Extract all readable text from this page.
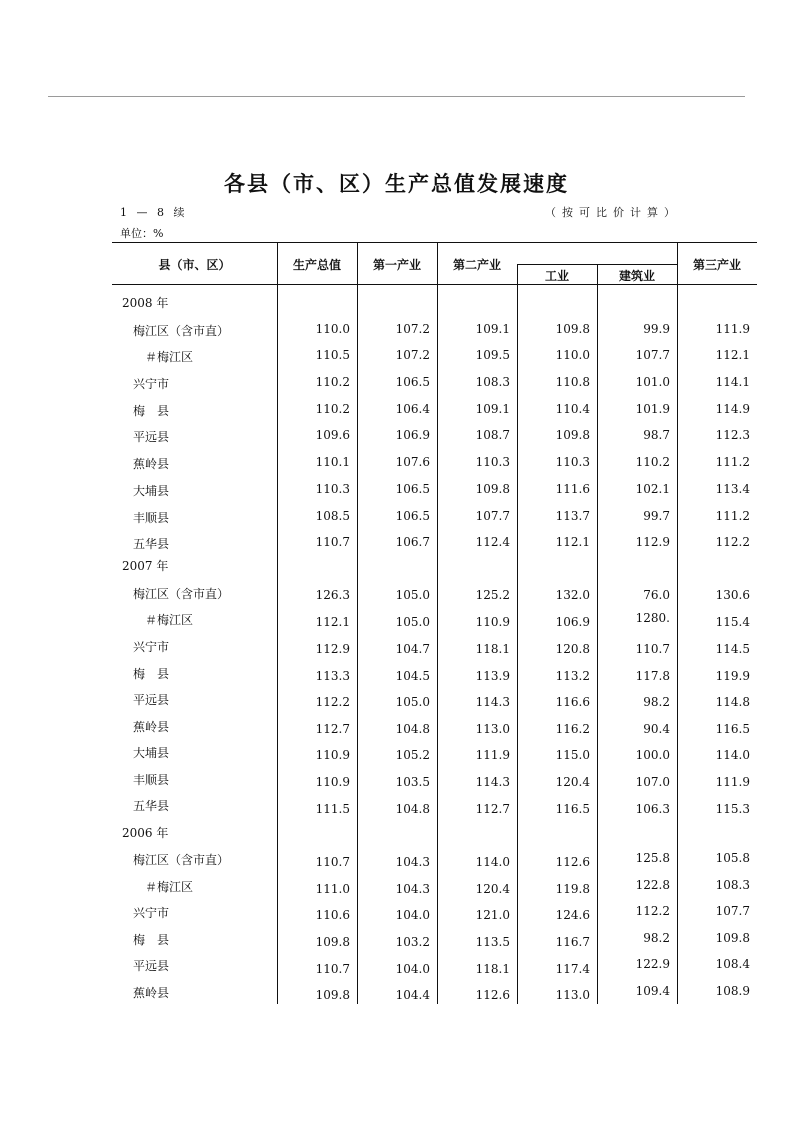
各县（市、区）生产总值发展速度
1 — 8 续	（按可比价计算）
单位：%
县（市、区）	生产总值	第一产业	第二产业
工业	建筑业
第三产业
2008 年
梅江区（含市直）	110.0	107.2	109.1	109.8	99.9	111.9
＃梅江区	110.5	107.2	109.5	110.0	107.7	112.1
兴宁市	110.2	106.5	108.3	110.8	101.0	114.1
梅　县	110.2	106.4	109.1	110.4	101.9	114.9
平远县	109.6	106.9	108.7	109.8	98.7	112.3
蕉岭县	110.1	107.6	110.3	110.3	110.2	111.2
大埔县	110.3	106.5	109.8	111.6	102.1	113.4
丰顺县	108.5	106.5	107.7	113.7	99.7	111.2
五华县	110.7	106.7	112.4	112.1	112.9	112.2
2007 年
梅江区（含市直）	126.3	105.0	125.2	132.0	76.0	130.6
＃梅江区	112.1	105.0	110.9	106.9	1280.	115.4
兴宁市	112.9	104.7	118.1	120.8	110.7	114.5
梅　县	113.3	104.5	113.9	113.2	117.8	119.9
平远县	112.2	105.0	114.3	116.6	98.2	114.8
蕉岭县	112.7	104.8	113.0	116.2	90.4	116.5
大埔县	110.9	105.2	111.9	115.0	100.0	114.0
丰顺县	110.9	103.5	114.3	120.4	107.0	111.9
五华县	111.5	104.8	112.7	116.5	106.3	115.3
2006 年
梅江区（含市直）	110.7	104.3	114.0	112.6	125.8	105.8
＃梅江区	111.0	104.3	120.4	119.8	122.8	108.3
兴宁市	110.6	104.0	121.0	124.6	112.2	107.7
梅　县	109.8	103.2	113.5	116.7	98.2	109.8
平远县	110.7	104.0	118.1	117.4	122.9	108.4
蕉岭县	109.8	104.4	112.6	113.0	109.4	108.9
